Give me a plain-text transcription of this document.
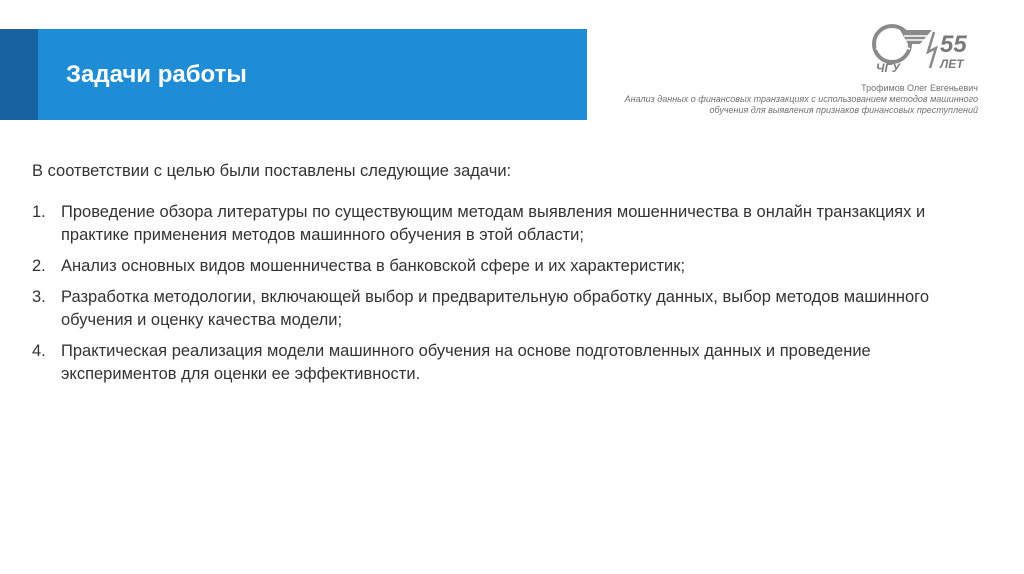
Задачи работы
55
ЧГУ	ЛЕТ
Трофимов Олег Евгеньевич
Анализ данных о финансовых транзакциях с использованием методов машинного обучения для выявления признаков финансовых преступлений

В соответствии с целью были поставлены следующие задачи:

1. Проведение обзора литературы по существующим методам выявления мошенничества в онлайн транзакциях и практике применения методов машинного обучения в этой области;
2. Анализ основных видов мошенничества в банковской сфере и их характеристик;
3. Разработка методологии, включающей выбор и предварительную обработку данных, выбор методов машинного обучения и оценку качества модели;
4. Практическая реализация модели машинного обучения на основе подготовленных данных и проведение экспериментов для оценки ее эффективности.
